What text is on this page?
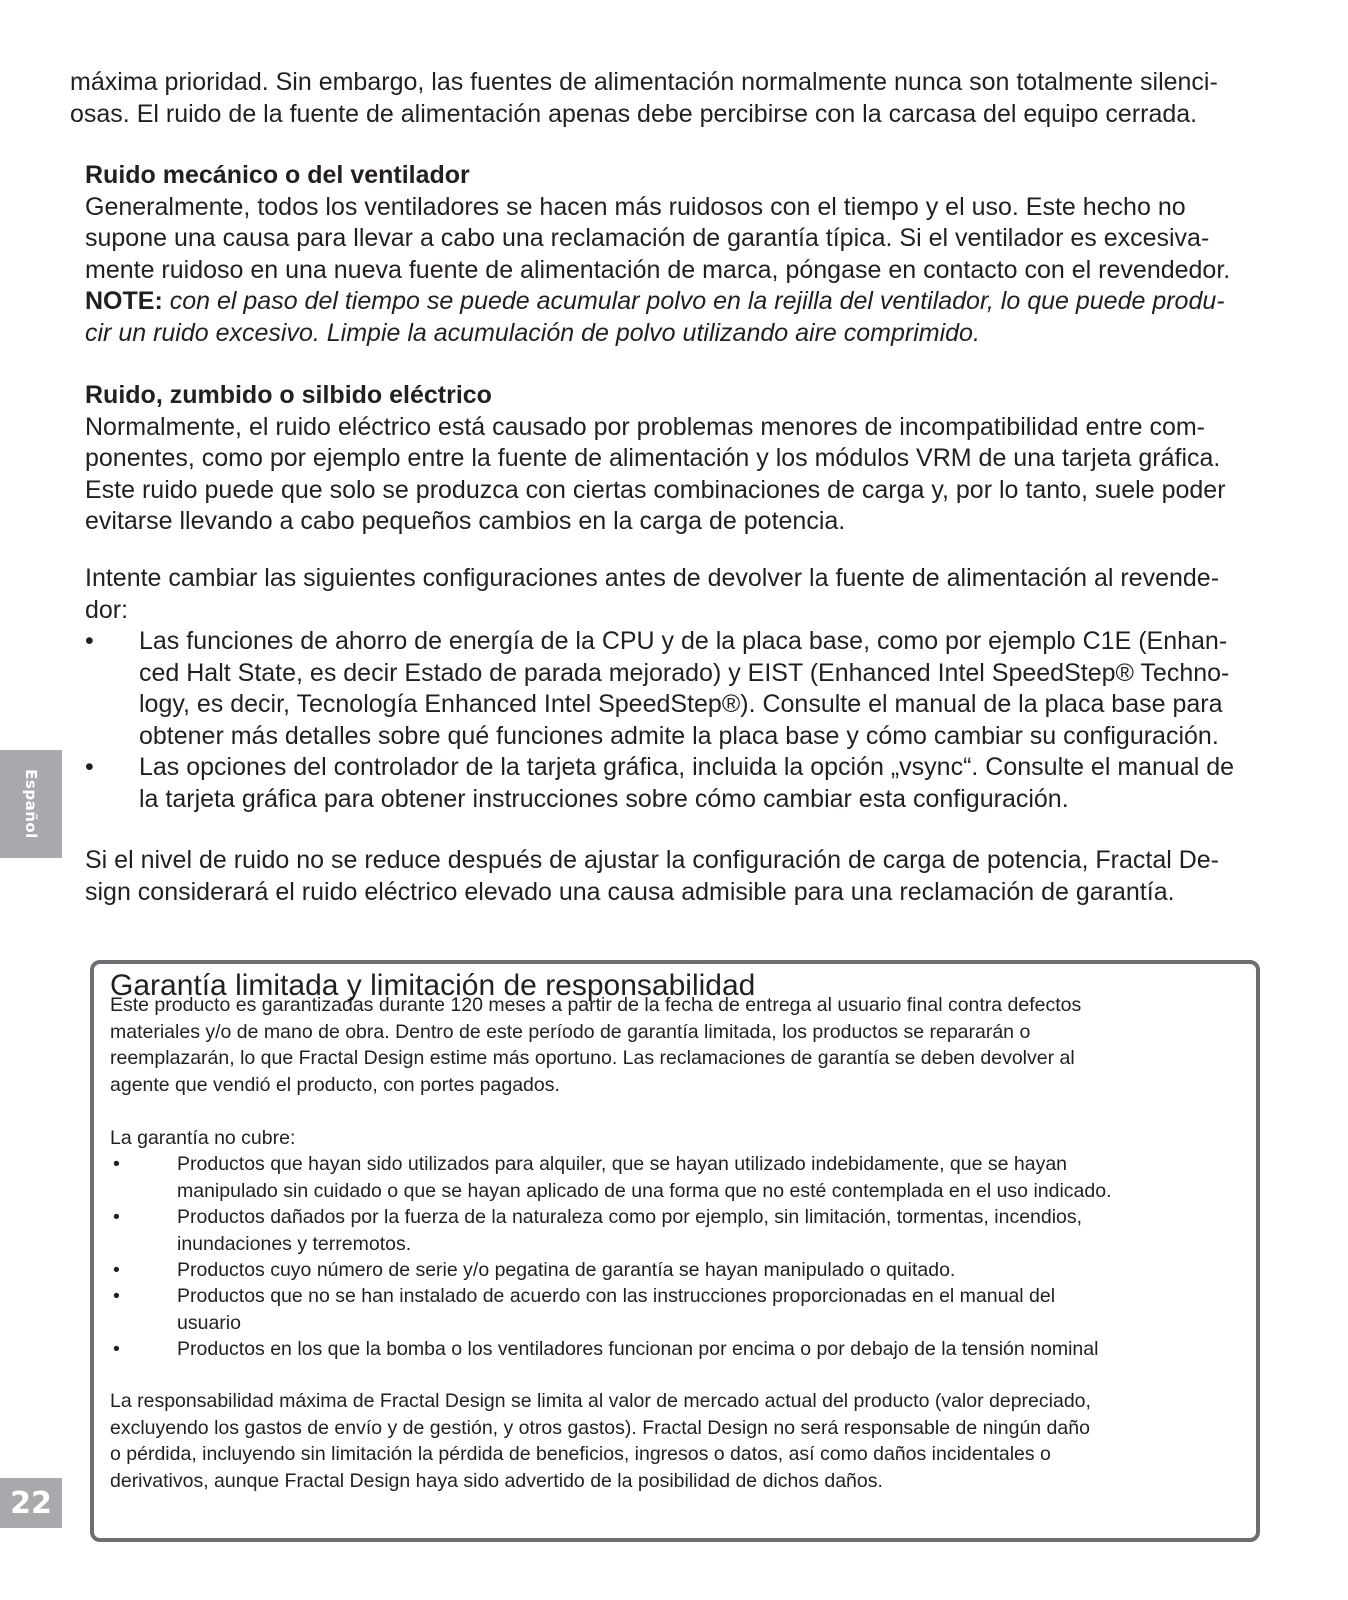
máxima prioridad. Sin embargo, las fuentes de alimentación normalmente nunca son totalmente silenci-
osas. El ruido de la fuente de alimentación apenas debe percibirse con la carcasa del equipo cerrada.
Ruido mecánico o del ventilador
Generalmente, todos los ventiladores se hacen más ruidosos con el tiempo y el uso. Este hecho no
supone una causa para llevar a cabo una reclamación de garantía típica. Si el ventilador es excesiva-
mente ruidoso en una nueva fuente de alimentación de marca, póngase en contacto con el revendedor.
NOTE: con el paso del tiempo se puede acumular polvo en la rejilla del ventilador, lo que puede produ-
cir un ruido excesivo. Limpie la acumulación de polvo utilizando aire comprimido.
Ruido, zumbido o silbido eléctrico
Normalmente, el ruido eléctrico está causado por problemas menores de incompatibilidad entre com-
ponentes, como por ejemplo entre la fuente de alimentación y los módulos VRM de una tarjeta gráfica.
Este ruido puede que solo se produzca con ciertas combinaciones de carga y, por lo tanto, suele poder
evitarse llevando a cabo pequeños cambios en la carga de potencia.
Intente cambiar las siguientes configuraciones antes de devolver la fuente de alimentación al revende-
dor:
• Las funciones de ahorro de energía de la CPU y de la placa base, como por ejemplo C1E (Enhan-
ced Halt State, es decir Estado de parada mejorado) y EIST (Enhanced Intel SpeedStep® Techno-
logy, es decir, Tecnología Enhanced Intel SpeedStep®). Consulte el manual de la placa base para
obtener más detalles sobre qué funciones admite la placa base y cómo cambiar su configuración.
• Las opciones del controlador de la tarjeta gráfica, incluida la opción „vsync“. Consulte el manual de
la tarjeta gráfica para obtener instrucciones sobre cómo cambiar esta configuración.
Si el nivel de ruido no se reduce después de ajustar la configuración de carga de potencia, Fractal De-
sign considerará el ruido eléctrico elevado una causa admisible para una reclamación de garantía.
Español
22
Garantía limitada y limitación de responsabilidad
Este producto es garantizadas durante 120 meses a partir de la fecha de entrega al usuario final contra defectos
materiales y/o de mano de obra. Dentro de este período de garantía limitada, los productos se repararán o
reemplazarán, lo que Fractal Design estime más oportuno. Las reclamaciones de garantía se deben devolver al
agente que vendió el producto, con portes pagados.
La garantía no cubre:
•	Productos que hayan sido utilizados para alquiler, que se hayan utilizado indebidamente, que se hayan
manipulado sin cuidado o que se hayan aplicado de una forma que no esté contemplada en el uso indicado.
•	Productos dañados por la fuerza de la naturaleza como por ejemplo, sin limitación, tormentas, incendios,
inundaciones y terremotos.
•	Productos cuyo número de serie y/o pegatina de garantía se hayan manipulado o quitado.
•	Productos que no se han instalado de acuerdo con las instrucciones proporcionadas en el manual del
usuario
•	Productos en los que la bomba o los ventiladores funcionan por encima o por debajo de la tensión nominal
La responsabilidad máxima de Fractal Design se limita al valor de mercado actual del producto (valor depreciado,
excluyendo los gastos de envío y de gestión, y otros gastos). Fractal Design no será responsable de ningún daño
o pérdida, incluyendo sin limitación la pérdida de beneficios, ingresos o datos, así como daños incidentales o
derivativos, aunque Fractal Design haya sido advertido de la posibilidad de dichos daños.
